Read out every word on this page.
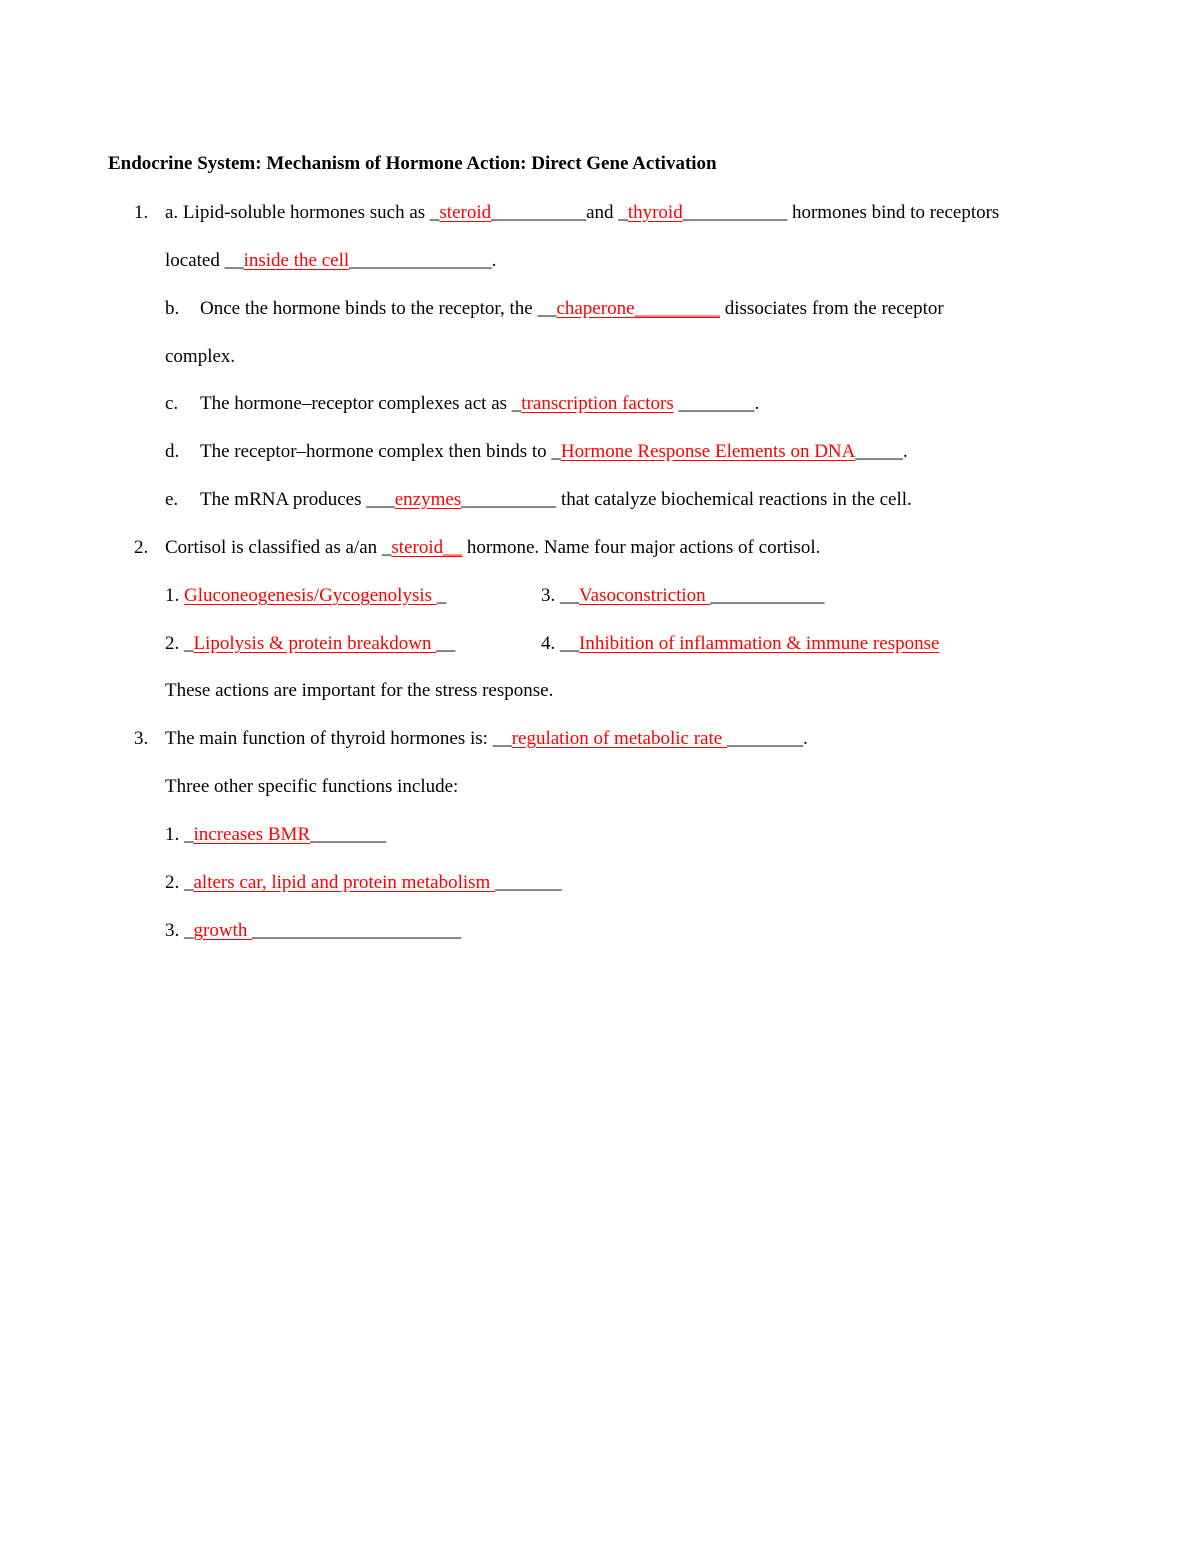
Endocrine System: Mechanism of Hormone Action: Direct Gene Activation
1. a. Lipid-soluble hormones such as _steroid__________and _thyroid___________ hormones bind to receptors
located __inside the cell_______________.
b. Once the hormone binds to the receptor, the __chaperone_________ dissociates from the receptor
complex.
c. The hormone–receptor complexes act as _transcription factors ________.
d. The receptor–hormone complex then binds to _Hormone Response Elements on DNA_____.
e. The mRNA produces ___enzymes__________ that catalyze biochemical reactions in the cell.
2. Cortisol is classified as a/an _steroid__ hormone. Name four major actions of cortisol.
1. Gluconeogenesis/Gycogenolysis _	3. __Vasoconstriction ____________
2. _Lipolysis & protein breakdown __	4. __Inhibition of inflammation & immune response
These actions are important for the stress response.
3. The main function of thyroid hormones is: __regulation of metabolic rate ________.
Three other specific functions include:
1. _increases BMR________
2. _alters car, lipid and protein metabolism _______
3. _growth ______________________
